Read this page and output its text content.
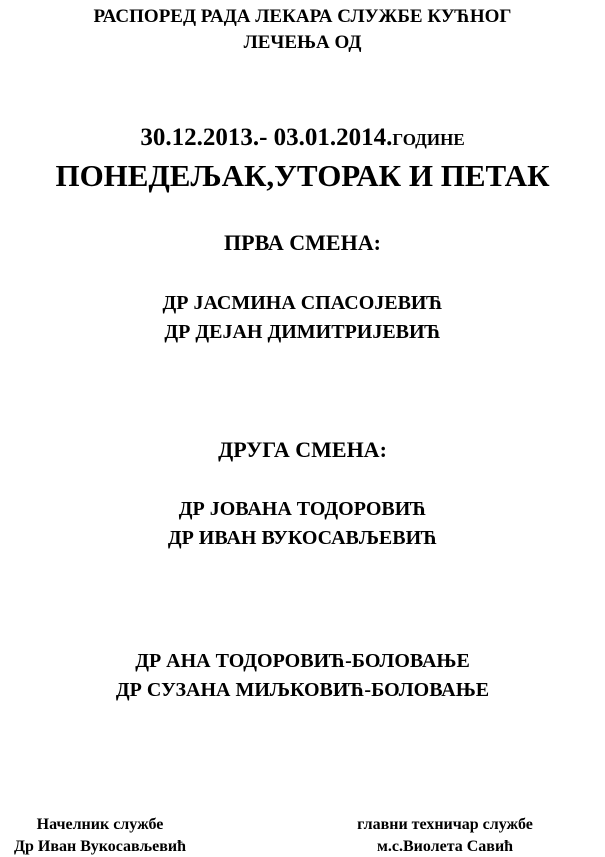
РАСПОРЕД РАДА ЛЕКАРА СЛУЖБЕ КУЋНОГ
ЛЕЧЕЊА ОД
30.12.2013.- 03.01.2014.ГОДИНЕ
ПОНЕДЕЉАК,УТОРАК И ПЕТАК
ПРВА СМЕНА:
ДР ЈАСМИНА СПАСОЈЕВИЋ
ДР ДЕЈАН ДИМИТРИЈЕВИЋ
ДРУГА СМЕНА:
ДР ЈОВАНА ТОДОРОВИЋ
ДР ИВАН ВУКОСАВЉЕВИЋ
ДР АНА ТОДОРОВИЋ-БОЛОВАЊЕ
ДР СУЗАНА МИЉКОВИЋ-БОЛОВАЊЕ
Начелник службе
Др Иван Вукосављевић
главни техничар службе
м.с.Виолета Савић
